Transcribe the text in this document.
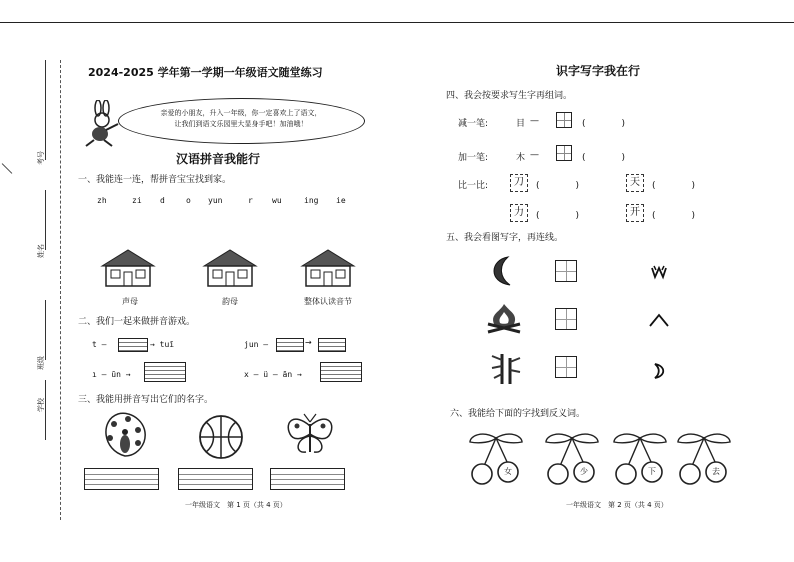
考号
姓名
班级
学校
2024-2025 学年第一学期一年级语文随堂练习
亲爱的小朋友，升入一年级，你一定喜欢上了语文，
让我们到语文乐园里大显身手吧！加油哦！
汉语拼音我能行
一、我能连一连，帮拼音宝宝找到家。
zh	zi d	o yun	r wu	ing ie
声母	韵母	整体认读音节
二、我们一起来做拼音游戏。
t —	→ tuī	jun —	→
ı — ūn →	x — ü — ān →
三、我能用拼音写出它们的名字。
一年级语文　第 1 页（共 4 页）
识字写字我在行
四、我会按要求写生字再组词。
减一笔:	目 —	(　　　　)
加一笔:	木 —	(　　　　)
比一比:	刀	(　　　　)	天	(　　　　)
力	(　　　　)	开	(　　　　)
五、我会看图写字，再连线。
六、我能给下面的字找到反义词。
女	少	下	去
一年级语文　第 2 页（共 4 页）
